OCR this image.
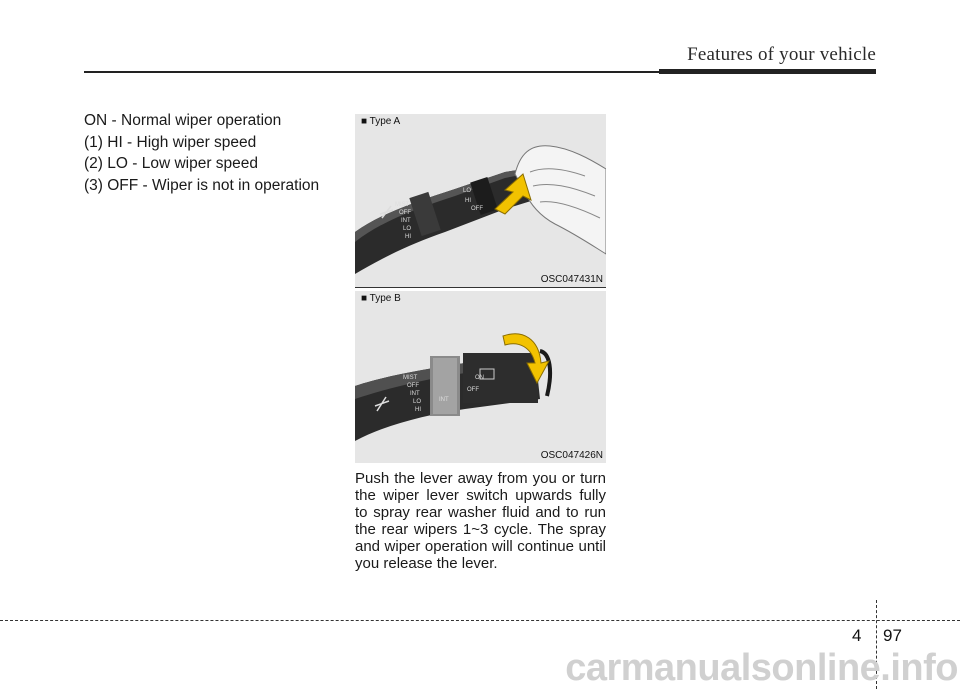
Features of your vehicle
ON - Normal wiper operation
(1) HI - High wiper speed
(2) LO - Low wiper speed
(3) OFF - Wiper is not in operation
MIST
OFF
INT
LO
HI
LO
HI
OFF
■ Type A
OSC047431N
MIST
OFF
INT
LO
HI
INT
OFF
ON
■ Type B
OSC047426N
Push the lever away from you or turn the wiper lever switch upwards fully to spray rear washer fluid and to run the rear wipers 1~3 cycle. The spray and wiper operation will continue until you release the lever.
4 97
carmanualsonline.info
